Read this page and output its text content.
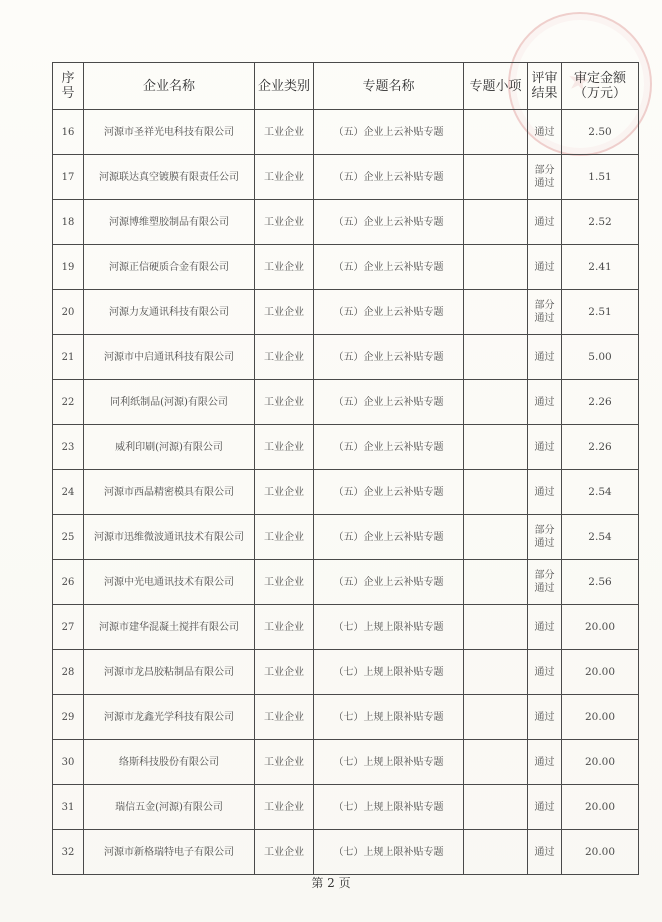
序号	企业名称	企业类别	专题名称	专题小项	评审结果	审定金额（万元）
16	河源市圣祥光电科技有限公司	工业企业	（五）企业上云补贴专题		通过	2.50
17	河源联达真空镀膜有限责任公司	工业企业	（五）企业上云补贴专题		部分通过	1.51
18	河源博维塑胶制品有限公司	工业企业	（五）企业上云补贴专题		通过	2.52
19	河源正信硬质合金有限公司	工业企业	（五）企业上云补贴专题		通过	2.41
20	河源力友通讯科技有限公司	工业企业	（五）企业上云补贴专题		部分通过	2.51
21	河源市中启通讯科技有限公司	工业企业	（五）企业上云补贴专题		通过	5.00
22	同利纸制品(河源)有限公司	工业企业	（五）企业上云补贴专题		通过	2.26
23	威利印刷(河源)有限公司	工业企业	（五）企业上云补贴专题		通过	2.26
24	河源市西晶精密模具有限公司	工业企业	（五）企业上云补贴专题		通过	2.54
25	河源市迅维微波通讯技术有限公司	工业企业	（五）企业上云补贴专题		部分通过	2.54
26	河源中光电通讯技术有限公司	工业企业	（五）企业上云补贴专题		部分通过	2.56
27	河源市建华混凝土搅拌有限公司	工业企业	（七）上规上限补贴专题		通过	20.00
28	河源市龙昌胶粘制品有限公司	工业企业	（七）上规上限补贴专题		通过	20.00
29	河源市龙鑫光学科技有限公司	工业企业	（七）上规上限补贴专题		通过	20.00
30	络斯科技股份有限公司	工业企业	（七）上规上限补贴专题		通过	20.00
31	瑞信五金(河源)有限公司	工业企业	（七）上规上限补贴专题		通过	20.00
32	河源市新格瑞特电子有限公司	工业企业	（七）上规上限补贴专题		通过	20.00
第 2 页
